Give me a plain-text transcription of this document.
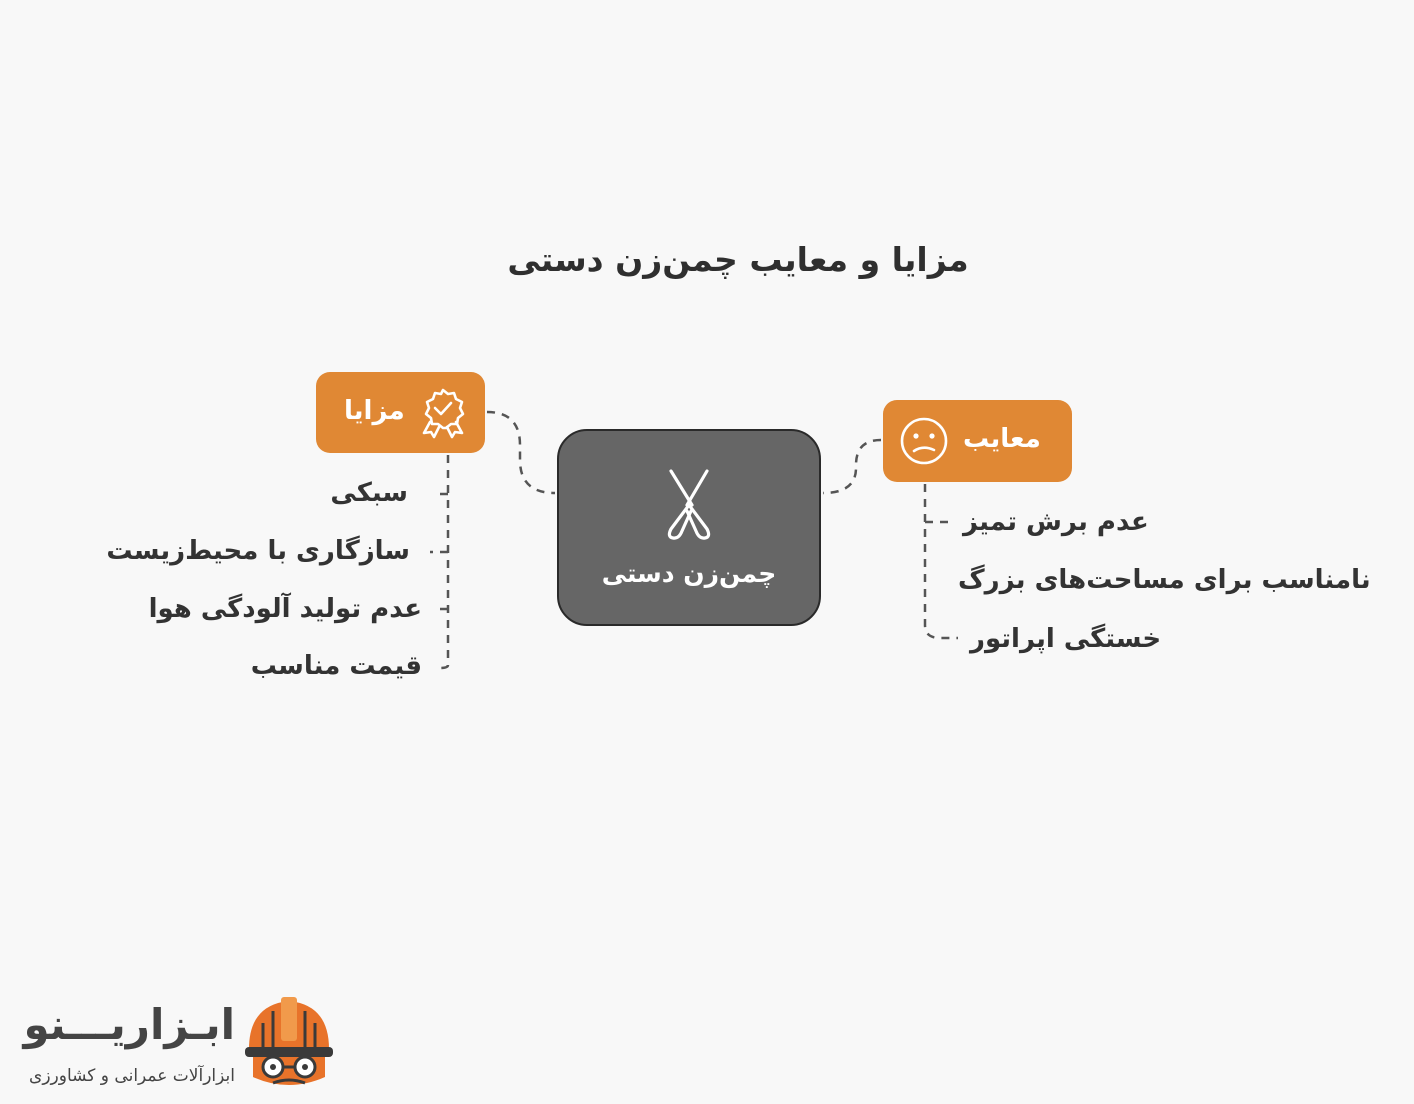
مزایا و معایب چمن‌زن دستی
چمن‌زن دستی
مزایا
معایب
سبکی
سازگاری با محیط‌زیست
عدم تولید آلودگی هوا
قیمت مناسب
عدم برش تمیز
نامناسب برای مساحت‌های بزرگ
خستگی اپراتور
ابـزاریـــنو
ابزارآلات عمرانی و کشاورزی
